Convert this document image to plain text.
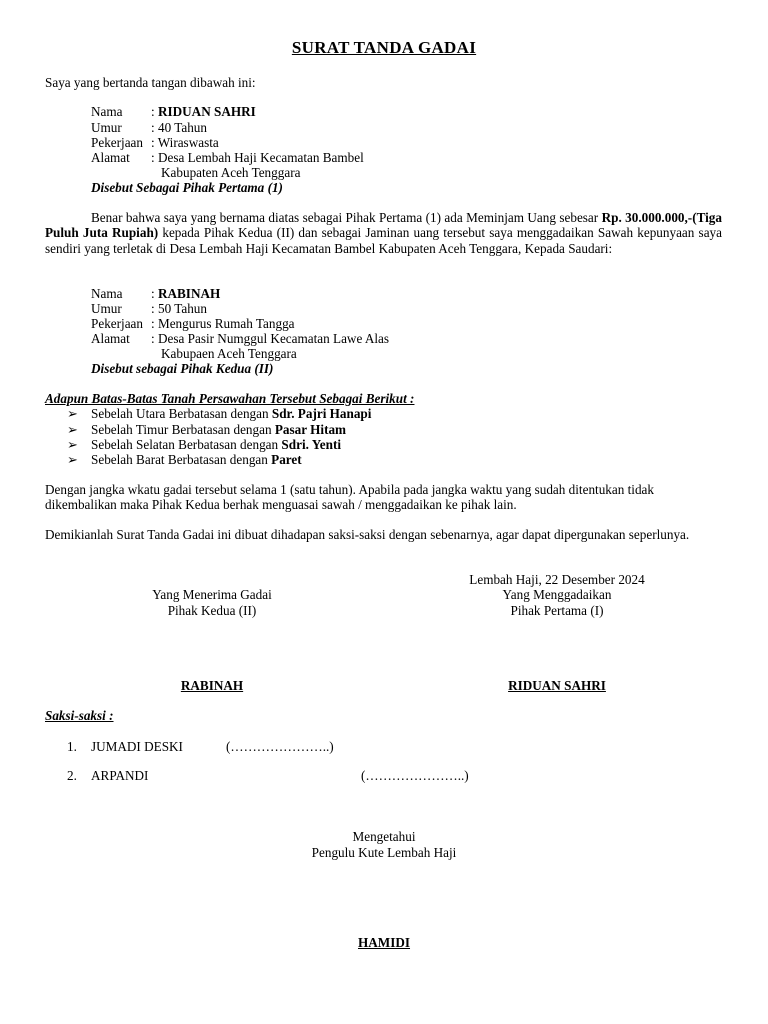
SURAT TANDA GADAI
Saya yang bertanda tangan dibawah ini:
Nama	: RIDUAN SAHRI
Umur	: 40 Tahun
Pekerjaan : Wiraswasta
Alamat	: Desa Lembah Haji Kecamatan Bambel
Kabupaten Aceh Tenggara
Disebut Sebagai Pihak Pertama (1)
Benar bahwa saya yang bernama diatas sebagai Pihak Pertama (1) ada Meminjam Uang sebesar Rp. 30.000.000,-(Tiga Puluh Juta Rupiah) kepada Pihak Kedua (II) dan sebagai Jaminan uang tersebut saya menggadaikan Sawah kepunyaan saya sendiri yang terletak di Desa Lembah Haji Kecamatan Bambel Kabupaten Aceh Tenggara, Kepada Saudari:
Nama	: RABINAH
Umur	: 50 Tahun
Pekerjaan : Mengurus Rumah Tangga
Alamat	: Desa Pasir Numggul Kecamatan Lawe Alas
Kabupaen Aceh Tenggara
Disebut sebagai Pihak Kedua (II)
Adapun Batas-Batas Tanah Persawahan Tersebut Sebagai Berikut :
➢ Sebelah Utara Berbatasan dengan Sdr. Pajri Hanapi
➢ Sebelah Timur Berbatasan dengan Pasar Hitam
➢ Sebelah Selatan Berbatasan dengan Sdri. Yenti
➢ Sebelah Barat Berbatasan dengan Paret
Dengan jangka wkatu gadai tersebut selama 1 (satu tahun). Apabila pada jangka waktu yang sudah ditentukan tidak dikembalikan maka Pihak Kedua berhak menguasai sawah / menggadaikan ke pihak lain.
Demikianlah Surat Tanda Gadai ini dibuat dihadapan saksi-saksi dengan sebenarnya, agar dapat dipergunakan seperlunya.
Lembah Haji, 22 Desember 2024
Yang Menerima Gadai
Pihak Kedua (II)
RABINAH
Yang Menggadaikan
Pihak Pertama (I)
RIDUAN SAHRI
Saksi-saksi :
1. JUMADI DESKI	(…………………..)
2. ARPANDI	(…………………..)
Mengetahui
Pengulu Kute Lembah Haji
HAMIDI
